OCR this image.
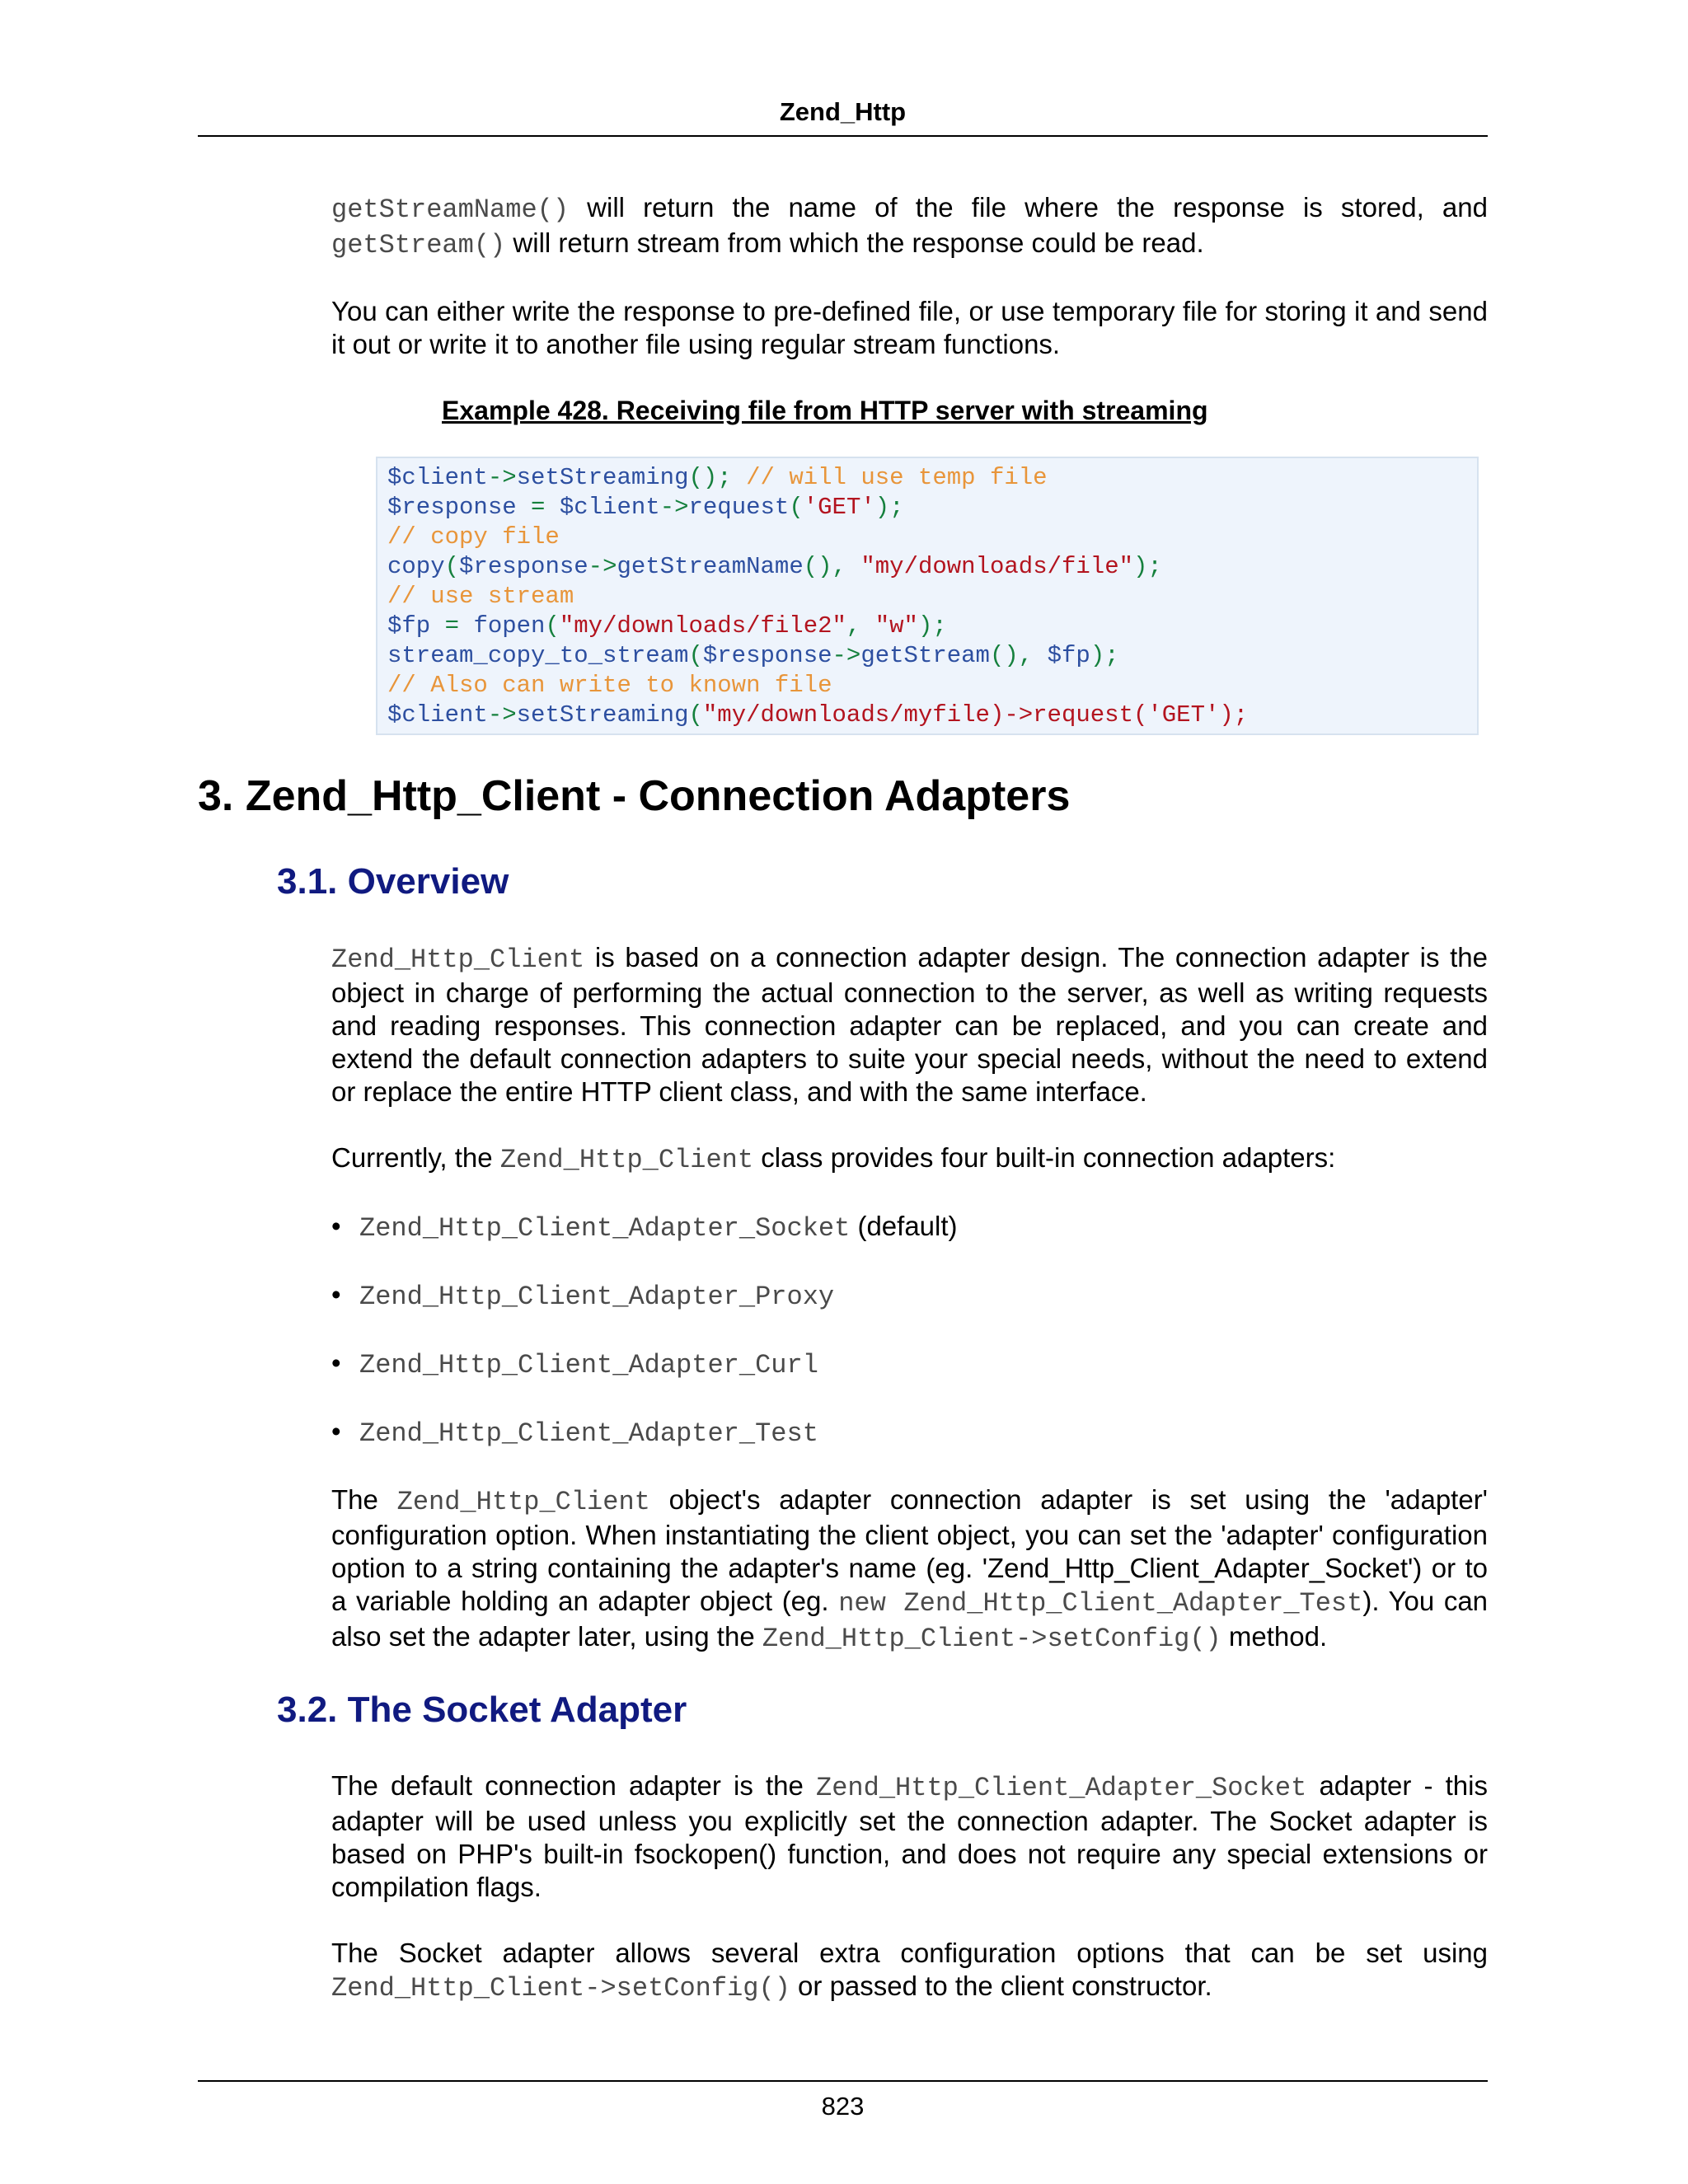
Zend_Http

getStreamName() will return the name of the file where the response is stored, and getStream() will return stream from which the response could be read.

You can either write the response to pre-defined file, or use temporary file for storing it and send it out or write it to another file using regular stream functions.

Example 428. Receiving file from HTTP server with streaming
$client->setStreaming(); // will use temp file
$response = $client->request('GET');
// copy file
copy($response->getStreamName(), "my/downloads/file");
// use stream
$fp = fopen("my/downloads/file2", "w");
stream_copy_to_stream($response->getStream(), $fp);
// Also can write to known file
$client->setStreaming("my/downloads/myfile)->request('GET');
3. Zend_Http_Client - Connection Adapters
3.1. Overview

Zend_Http_Client is based on a connection adapter design. The connection adapter is the object in charge of performing the actual connection to the server, as well as writing requests and reading responses. This connection adapter can be replaced, and you can create and extend the default connection adapters to suite your special needs, without the need to extend or replace the entire HTTP client class, and with the same interface.

Currently, the Zend_Http_Client class provides four built-in connection adapters:

• Zend_Http_Client_Adapter_Socket (default)
• Zend_Http_Client_Adapter_Proxy
• Zend_Http_Client_Adapter_Curl
• Zend_Http_Client_Adapter_Test

The Zend_Http_Client object's adapter connection adapter is set using the 'adapter' configuration option. When instantiating the client object, you can set the 'adapter' configuration option to a string containing the adapter's name (eg. 'Zend_Http_Client_Adapter_Socket') or to a variable holding an adapter object (eg. new Zend_Http_Client_Adapter_Test). You can also set the adapter later, using the Zend_Http_Client->setConfig() method.

3.2. The Socket Adapter

The default connection adapter is the Zend_Http_Client_Adapter_Socket adapter - this adapter will be used unless you explicitly set the connection adapter. The Socket adapter is based on PHP's built-in fsockopen() function, and does not require any special extensions or compilation flags.

The Socket adapter allows several extra configuration options that can be set using Zend_Http_Client->setConfig() or passed to the client constructor.

823
